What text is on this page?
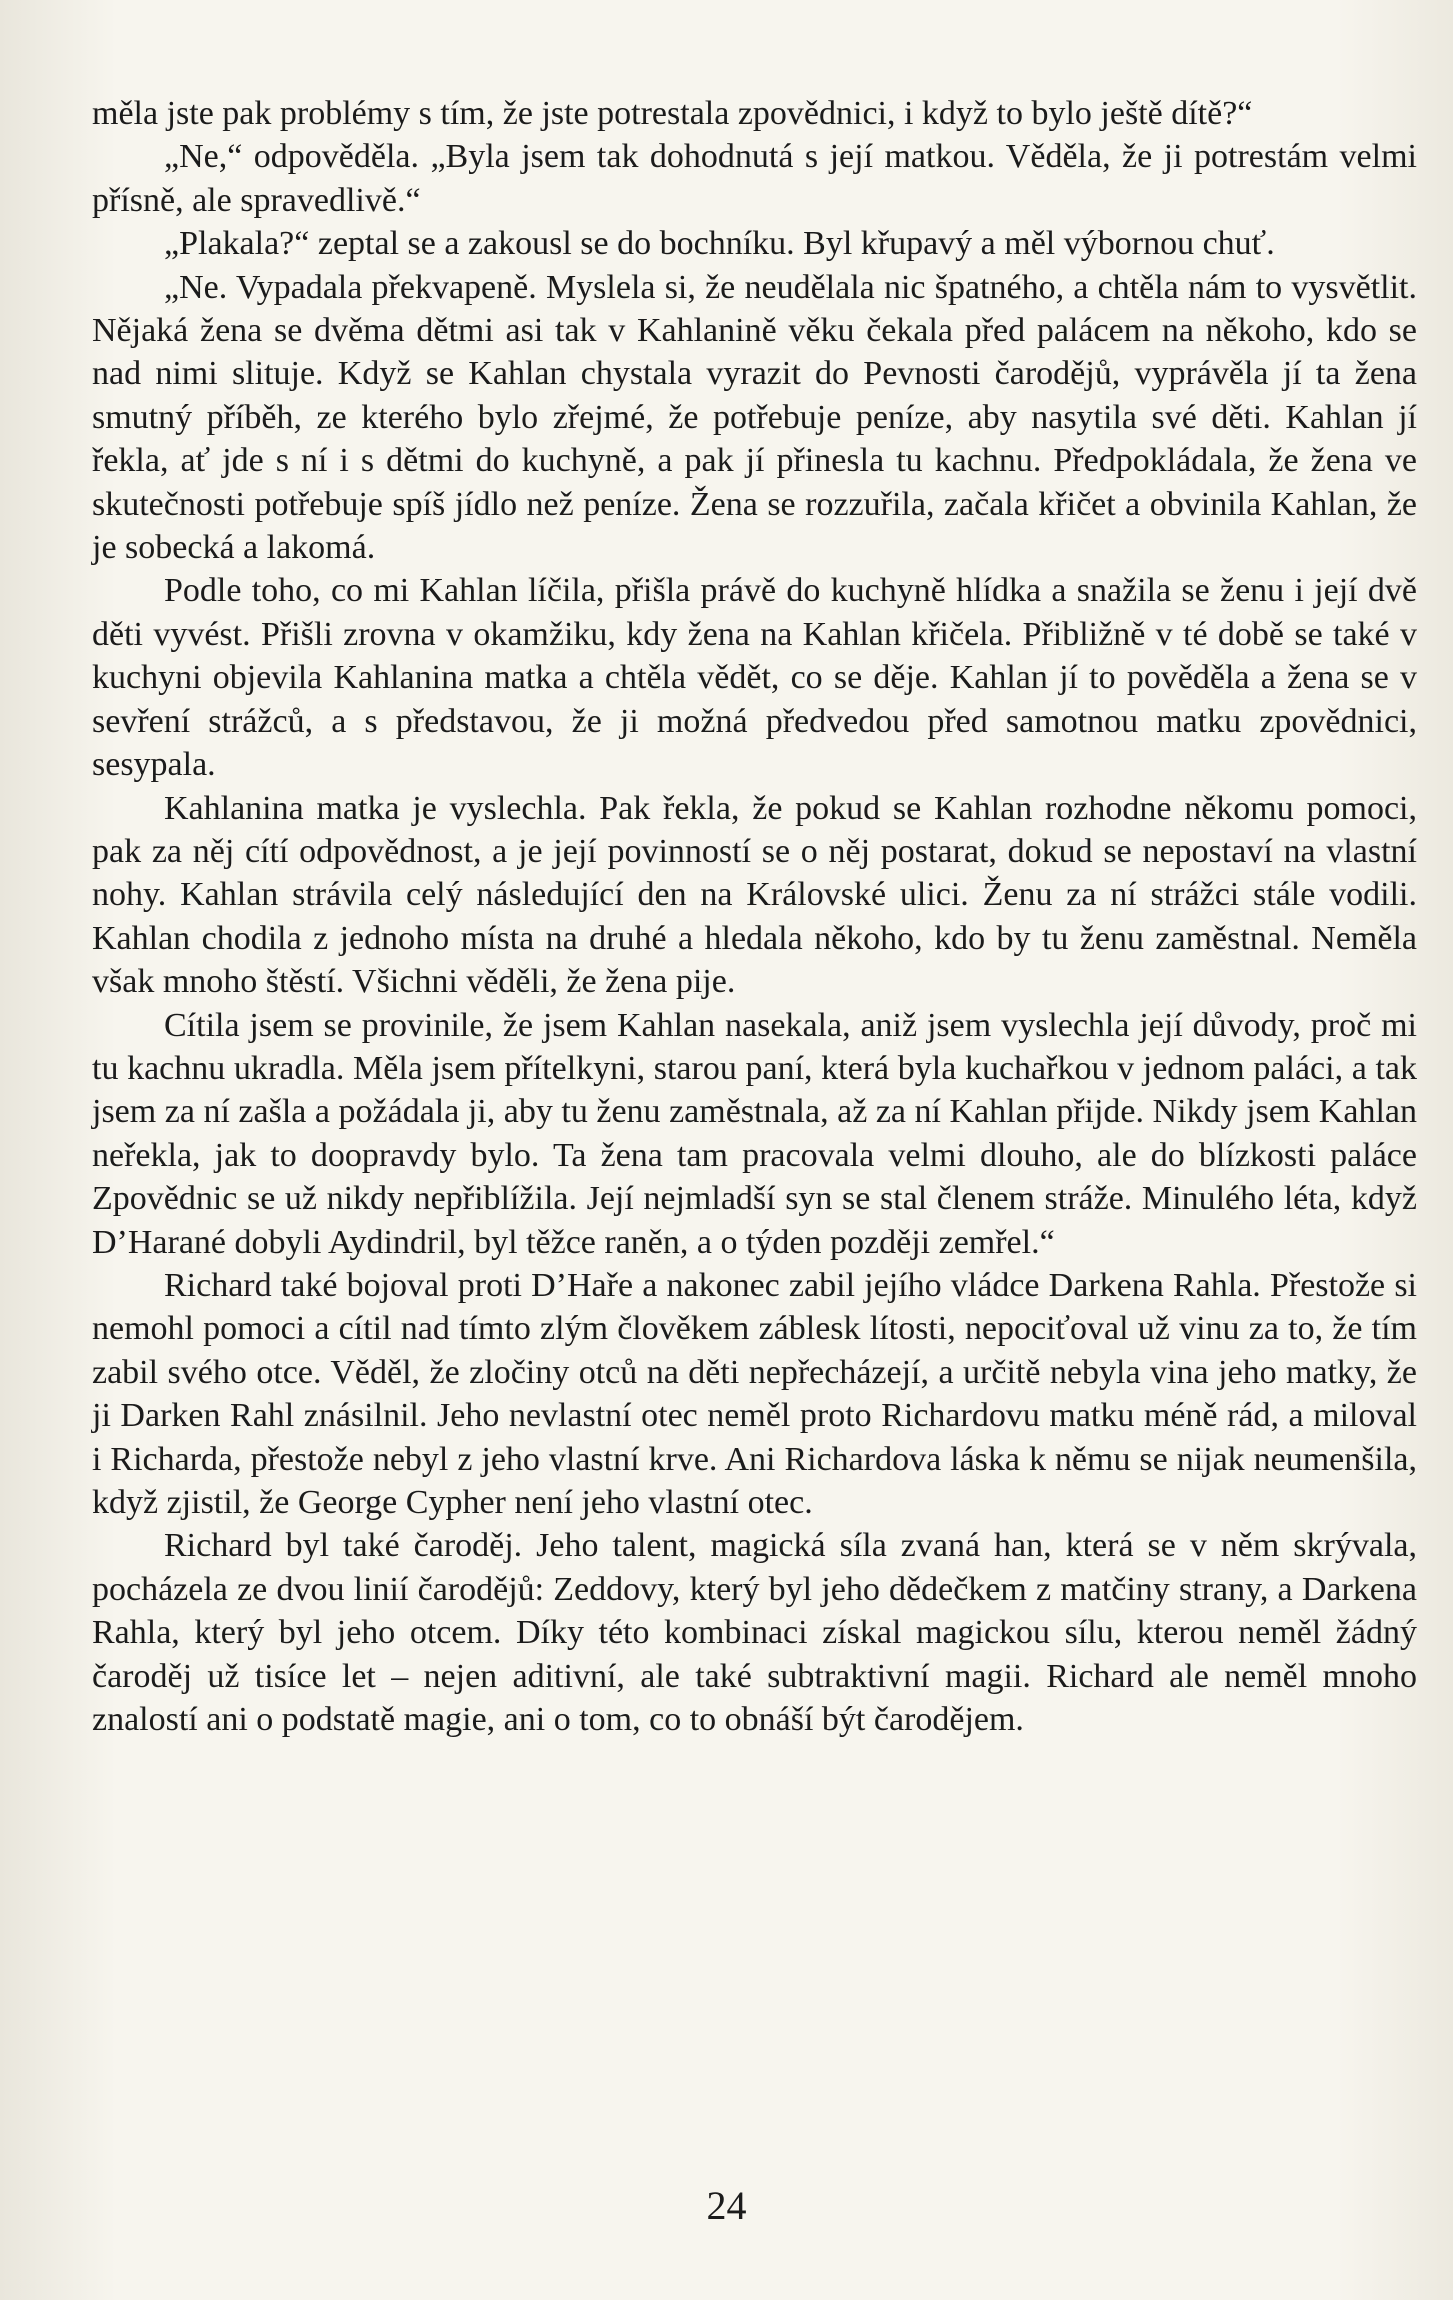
měla jste pak problémy s tím, že jste potrestala zpovědnici, i když to bylo ještě dítě?“

„Ne,“ odpověděla. „Byla jsem tak dohodnutá s její matkou. Věděla, že ji potrestám velmi přísně, ale spravedlivě.“

„Plakala?“ zeptal se a zakousl se do bochníku. Byl křupavý a měl výbornou chuť.

„Ne. Vypadala překvapeně. Myslela si, že neudělala nic špatného, a chtěla nám to vysvětlit. Nějaká žena se dvěma dětmi asi tak v Kahlanině věku čekala před palácem na někoho, kdo se nad nimi slituje. Když se Kahlan chystala vyrazit do Pevnosti čarodějů, vyprávěla jí ta žena smutný příběh, ze kterého bylo zřejmé, že potřebuje peníze, aby nasytila své děti. Kahlan jí řekla, ať jde s ní i s dětmi do kuchyně, a pak jí přinesla tu kachnu. Předpokládala, že žena ve skutečnosti potřebuje spíš jídlo než peníze. Žena se rozzuřila, začala křičet a obvinila Kahlan, že je sobecká a lakomá.

Podle toho, co mi Kahlan líčila, přišla právě do kuchyně hlídka a snažila se ženu i její dvě děti vyvést. Přišli zrovna v okamžiku, kdy žena na Kahlan křičela. Přibližně v té době se také v kuchyni objevila Kahlanina matka a chtěla vědět, co se děje. Kahlan jí to pověděla a žena se v sevření strážců, a s představou, že ji možná předvedou před samotnou matku zpovědnici, sesypala.

Kahlanina matka je vyslechla. Pak řekla, že pokud se Kahlan rozhodne někomu pomoci, pak za něj cítí odpovědnost, a je její povinností se o něj postarat, dokud se nepostaví na vlastní nohy. Kahlan strávila celý následující den na Královské ulici. Ženu za ní strážci stále vodili. Kahlan chodila z jednoho místa na druhé a hledala někoho, kdo by tu ženu zaměstnal. Neměla však mnoho štěstí. Všichni věděli, že žena pije.

Cítila jsem se provinile, že jsem Kahlan nasekala, aniž jsem vyslechla její důvody, proč mi tu kachnu ukradla. Měla jsem přítelkyni, starou paní, která byla kuchařkou v jednom paláci, a tak jsem za ní zašla a požádala ji, aby tu ženu zaměstnala, až za ní Kahlan přijde. Nikdy jsem Kahlan neřekla, jak to doopravdy bylo. Ta žena tam pracovala velmi dlouho, ale do blízkosti paláce Zpovědnic se už nikdy nepřiblížila. Její nejmladší syn se stal členem stráže. Minulého léta, když D’Harané dobyli Aydindril, byl těžce raněn, a o týden později zemřel.“

Richard také bojoval proti D’Haře a nakonec zabil jejího vládce Darkena Rahla. Přestože si nemohl pomoci a cítil nad tímto zlým člověkem záblesk lítosti, nepociťoval už vinu za to, že tím zabil svého otce. Věděl, že zločiny otců na děti nepřecházejí, a určitě nebyla vina jeho matky, že ji Darken Rahl znásilnil. Jeho nevlastní otec neměl proto Richardovu matku méně rád, a miloval i Richarda, přestože nebyl z jeho vlastní krve. Ani Richardova láska k němu se nijak neumenšila, když zjistil, že George Cypher není jeho vlastní otec.

Richard byl také čaroděj. Jeho talent, magická síla zvaná han, která se v něm skrývala, pocházela ze dvou linií čarodějů: Zeddovy, který byl jeho dědečkem z matčiny strany, a Darkena Rahla, který byl jeho otcem. Díky této kombinaci získal magickou sílu, kterou neměl žádný čaroděj už tisíce let – nejen aditivní, ale také subtraktivní magii. Richard ale neměl mnoho znalostí ani o podstatě magie, ani o tom, co to obnáší být čarodějem.

24
